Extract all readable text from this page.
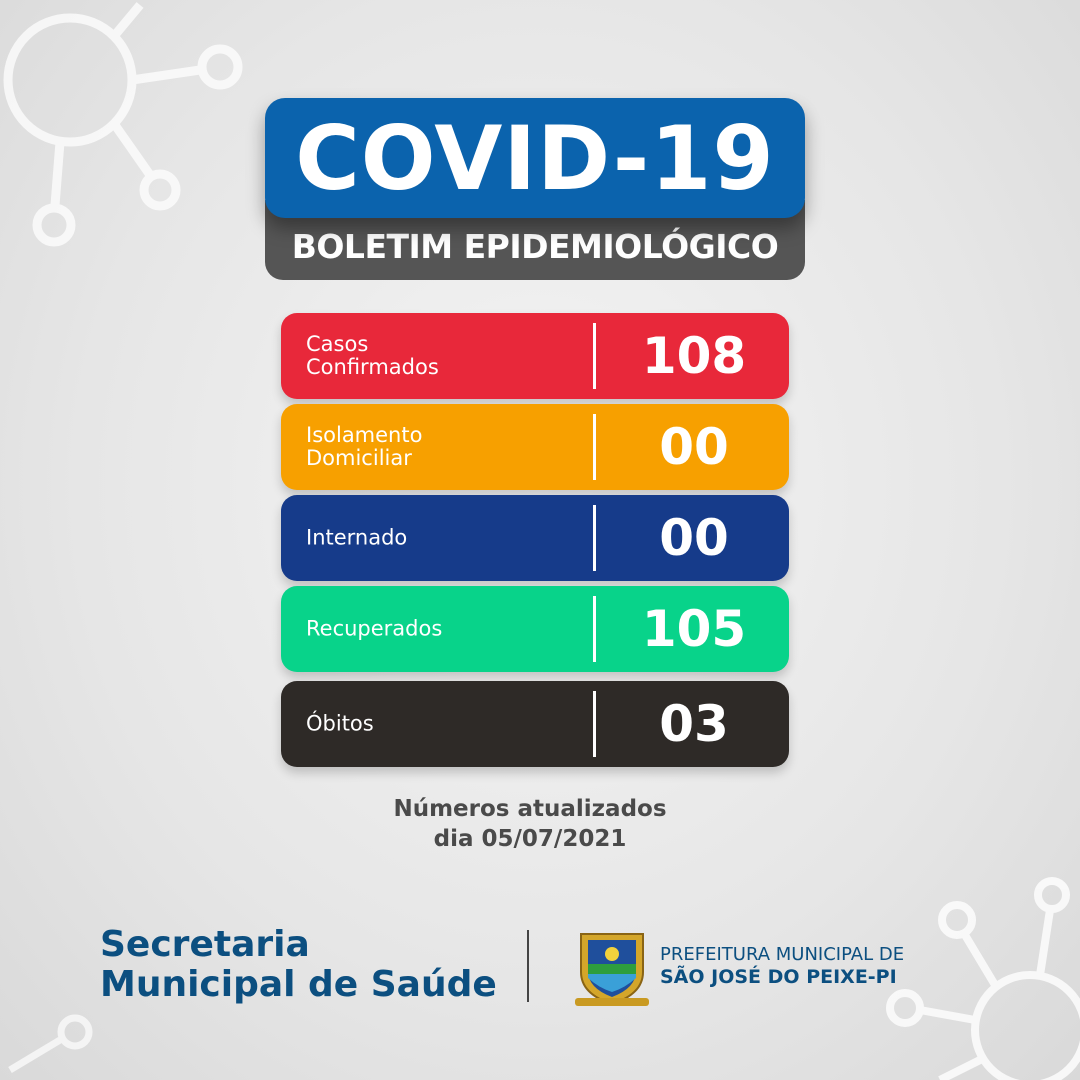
COVID-19
BOLETIM EPIDEMIOLÓGICO
Casos
Confirmados	108
Isolamento
Domiciliar	00
Internado	00
Recuperados	105
Óbitos	03
Números atualizados
dia 05/07/2021
Secretaria
Municipal de Saúde
PREFEITURA MUNICIPAL DE
SÃO JOSÉ DO PEIXE-PI
